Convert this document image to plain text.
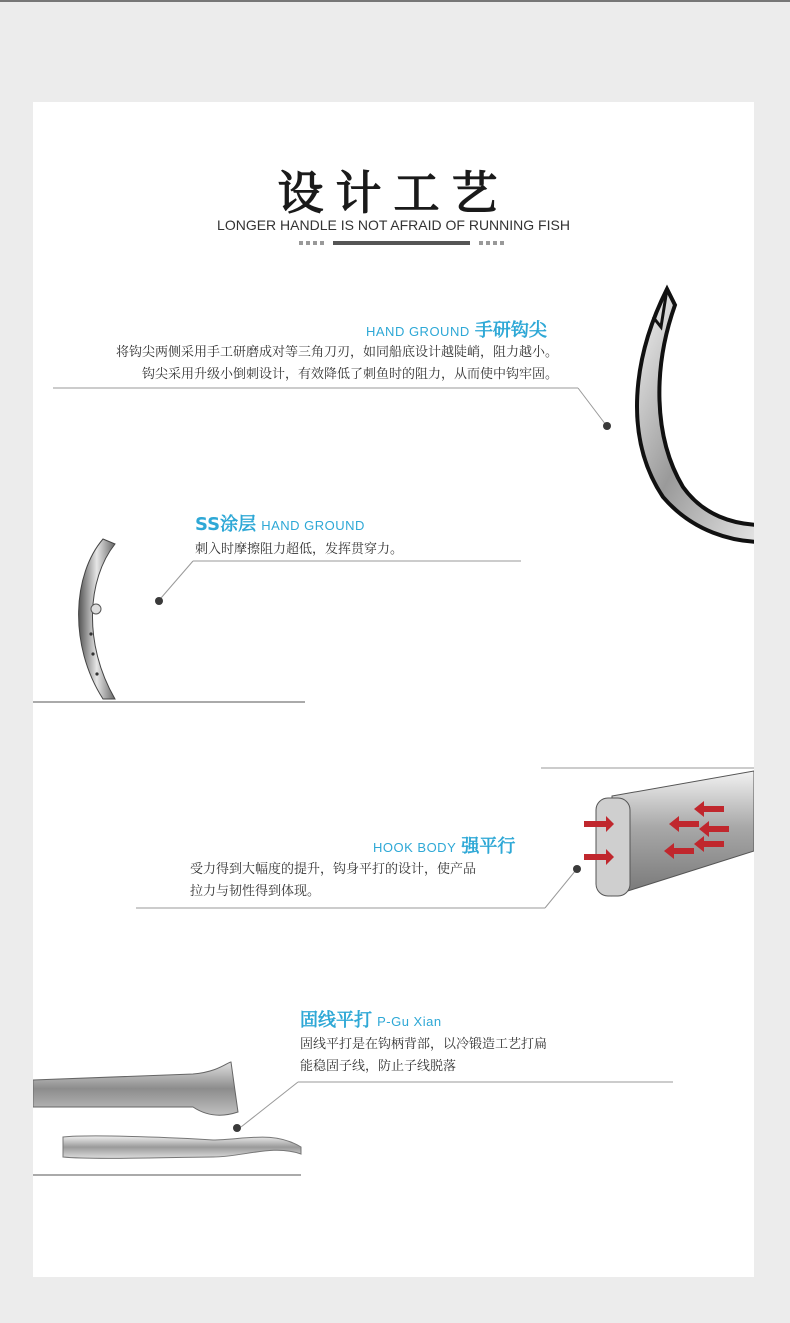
设计工艺
LONGER HANDLE IS NOT AFRAID OF RUNNING FISH
HAND GROUND 手研钩尖
将钩尖两侧采用手工研磨成对等三角刀刃，如同船底设计越陡峭，阻力越小。
钩尖采用升级小倒刺设计，有效降低了刺鱼时的阻力，从而使中钩牢固。
SS涂层 HAND GROUND
刺入时摩擦阻力超低，发挥贯穿力。
HOOK BODY 强平行
受力得到大幅度的提升，钩身平打的设计，使产品
拉力与韧性得到体现。
固线平打 P-Gu Xian
固线平打是在钩柄背部，以冷锻造工艺打扁
能稳固子线，防止子线脱落
